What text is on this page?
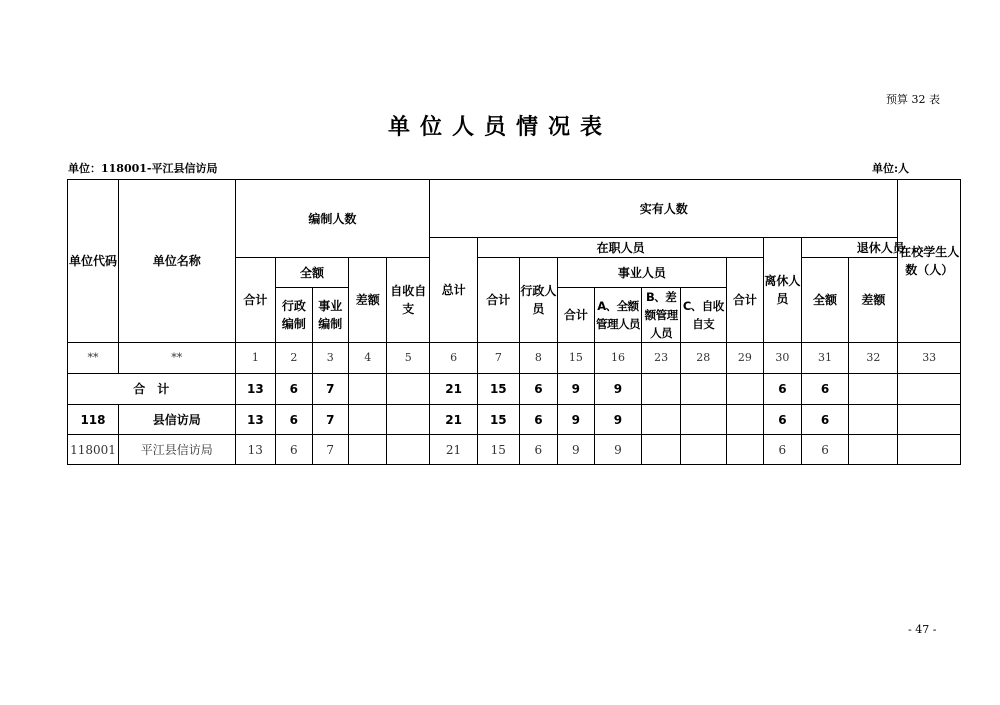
预算 32 表
单位人员情况表
单位：118001-平江县信访局	单位:人
单位代码	单位名称	编制人数					实有人数											在校学生人数（人）
							总计	在职人员							离休人员	退休人员		
		合计	全额		差额	自收自支		合计	行政人员	事业人员				合计		全额	差额	
			行政编制	事业编制						合计	A、全额管理人员	B、差额管理人员	C、自收自支					
**	**	1	2	3	4	5	6	7	8	15	16	23	28	29	30	31	32	33
合　计		13	6	7			21	15	6	9	9				6	6		
118	县信访局	13	6	7			21	15	6	9	9				6	6		
118001	平江县信访局	13	6	7			21	15	6	9	9				6	6		
- 47 -
